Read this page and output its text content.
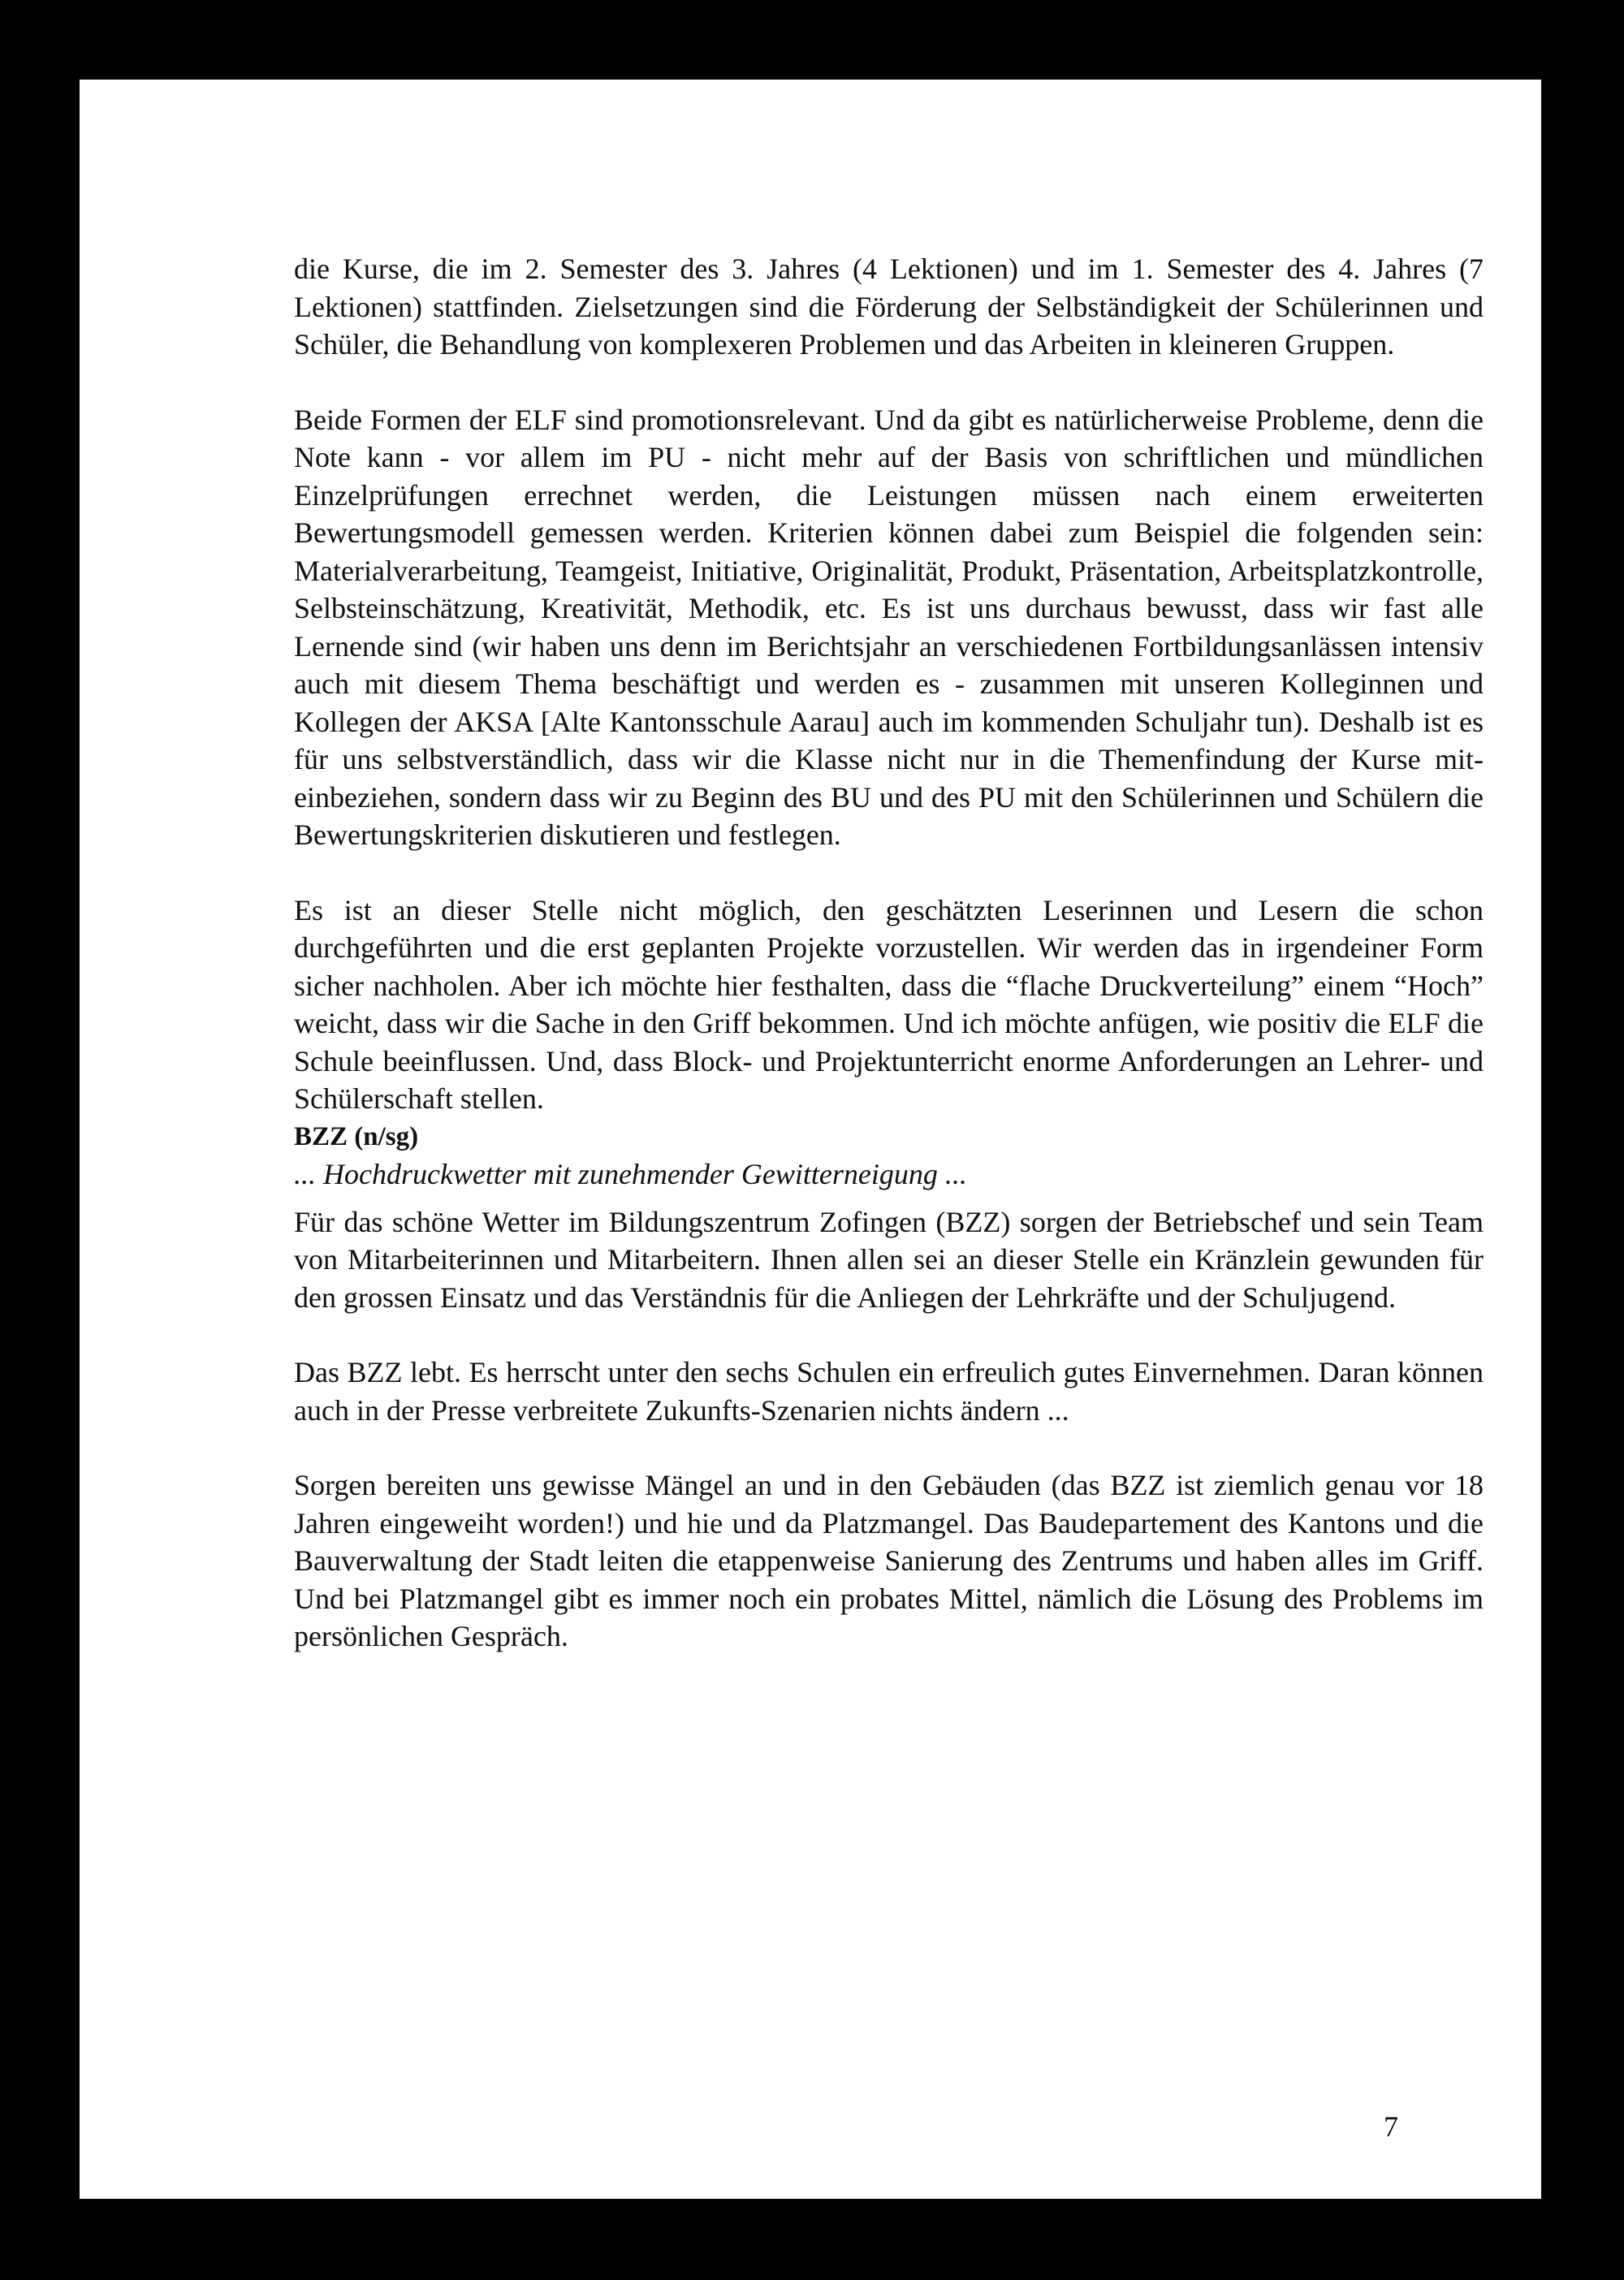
die Kurse, die im 2. Semester des 3. Jahres (4 Lektionen) und im 1. Semester des 4. Jahres (7 Lektionen) stattfinden. Zielsetzungen sind die Förderung der Selbständigkeit der Schülerinnen und Schüler, die Behandlung von komplexeren Problemen und das Arbeiten in kleineren Gruppen.

Beide Formen der ELF sind promotionsrelevant. Und da gibt es natürlicherweise Probleme, denn die Note kann - vor allem im PU - nicht mehr auf der Basis von schriftlichen und mündlichen Einzelprüfungen errechnet werden, die Leistungen müssen nach einem erweiterten Bewertungsmodell gemessen werden. Kriterien können dabei zum Beispiel die folgenden sein: Materialverarbeitung, Teamgeist, Initiative, Originalität, Produkt, Präsentation, Arbeitsplatzkontrolle, Selbsteinschätzung, Kreativität, Methodik, etc. Es ist uns durchaus bewusst, dass wir fast alle Lernende sind (wir haben uns denn im Berichtsjahr an verschiedenen Fortbildungsanlässen intensiv auch mit diesem Thema beschäftigt und werden es - zusammen mit unseren Kolleginnen und Kollegen der AKSA [Alte Kantonsschule Aarau] auch im kommenden Schuljahr tun). Deshalb ist es für uns selbstverständlich, dass wir die Klasse nicht nur in die Themenfindung der Kurse miteinbeziehen, sondern dass wir zu Beginn des BU und des PU mit den Schülerinnen und Schülern die Bewertungskriterien diskutieren und festlegen.

Es ist an dieser Stelle nicht möglich, den geschätzten Leserinnen und Lesern die schon durchgeführten und die erst geplanten Projekte vorzustellen. Wir werden das in irgendeiner Form sicher nachholen. Aber ich möchte hier festhalten, dass die “flache Druckverteilung” einem “Hoch” weicht, dass wir die Sache in den Griff bekommen. Und ich möchte anfügen, wie positiv die ELF die Schule beeinflussen. Und, dass Block- und Projektunterricht enorme Anforderungen an Lehrer- und Schülerschaft stellen.

BZZ (n/sg)

... Hochdruckwetter mit zunehmender Gewitterneigung ...

Für das schöne Wetter im Bildungszentrum Zofingen (BZZ) sorgen der Betriebschef und sein Team von Mitarbeiterinnen und Mitarbeitern. Ihnen allen sei an dieser Stelle ein Kränzlein gewunden für den grossen Einsatz und das Verständnis für die Anliegen der Lehrkräfte und der Schuljugend.

Das BZZ lebt. Es herrscht unter den sechs Schulen ein erfreulich gutes Einvernehmen. Daran können auch in der Presse verbreitete Zukunfts-Szenarien nichts ändern ...

Sorgen bereiten uns gewisse Mängel an und in den Gebäuden (das BZZ ist ziemlich genau vor 18 Jahren eingeweiht worden!) und hie und da Platzmangel. Das Baudepartement des Kantons und die Bauverwaltung der Stadt leiten die etappenweise Sanierung des Zentrums und haben alles im Griff. Und bei Platzmangel gibt es immer noch ein probates Mittel, nämlich die Lösung des Problems im persönlichen Gespräch.

7
